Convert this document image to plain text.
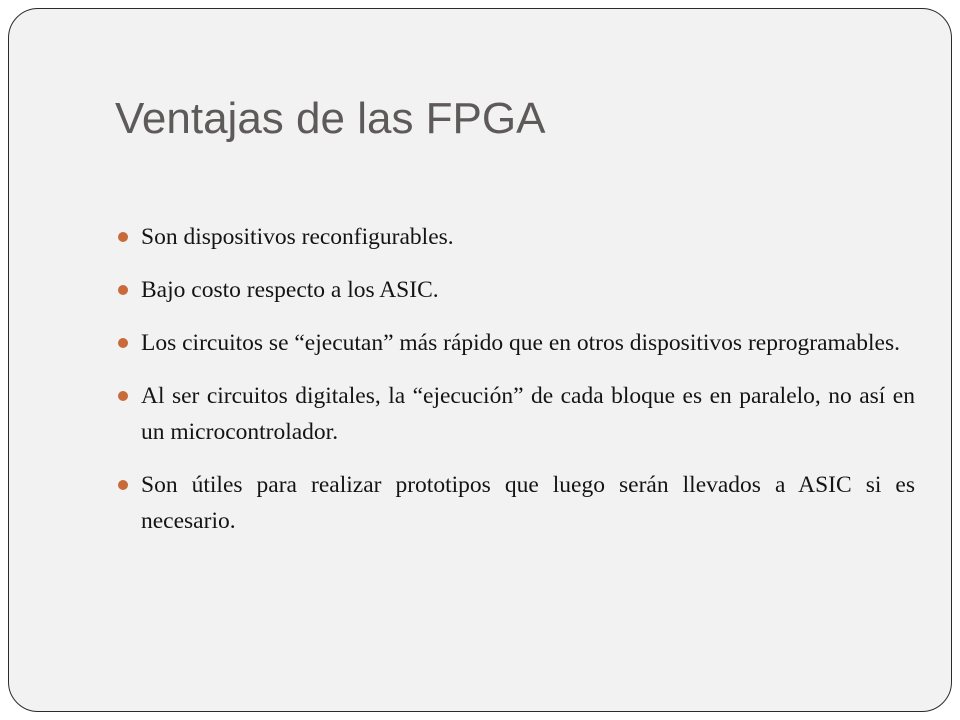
Ventajas de las FPGA
Son dispositivos reconfigurables.
Bajo costo respecto a los ASIC.
Los circuitos se “ejecutan” más rápido que en otros dispositivos reprogramables.
Al ser circuitos digitales, la “ejecución” de cada bloque es en paralelo, no así en un microcontrolador.
Son útiles para realizar prototipos que luego serán llevados a ASIC si es necesario.
